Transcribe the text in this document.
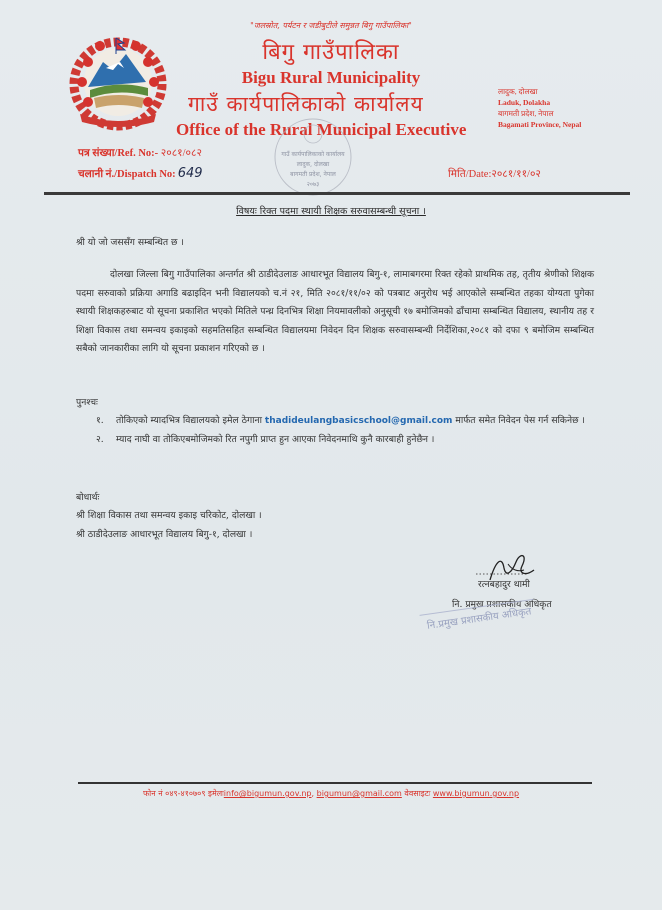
"जलस्रोत, पर्यटन र जडीबुटीले समुन्नत बिगु गाउँपालिका"
बिगु गाउँपालिका
Bigu Rural Municipality
गाउँ कार्यपालिकाको कार्यालय
Office of the Rural Municipal Executive
लादुक, दोलखा
Laduk, Dolakha
बागमती प्रदेश, नेपाल
Bagamati Province, Nepal
गाउँ कार्यपालिकाको कार्यालय
लादुक, दोलखा
बागमती प्रदेश, नेपाल
२०७३
पत्र संख्या/Ref. No:- २०८१/०८२
चलानी नं./Dispatch No: 649	मिति/Date:२०८१/११/०२
विषयः रिक्त पदमा स्थायी शिक्षक सरुवासम्बन्धी सूचना ।
श्री यो जो जससँग सम्बन्धित छ ।
दोलखा जिल्ला बिगु गाउँपालिका अन्तर्गत श्री ठाडीदेउलाङ आधारभूत विद्यालय बिगु-१, लामाबगरमा रिक्त रहेको प्राथमिक तह, तृतीय श्रेणीको शिक्षक पदमा सरुवाको प्रक्रिया अगाडि बढाइदिन भनी विद्यालयको च.नं २१, मिति २०८१/११/०२ को पत्रबाट अनुरोध भई आएकोले सम्बन्धित तहका योग्यता पुगेका स्थायी शिक्षकहरुबाट यो सूचना प्रकाशित भएको मितिले पन्ध्र दिनभित्र शिक्षा नियमावलीको अनुसूची १७ बमोजिमको ढाँचामा सम्बन्धित विद्यालय, स्थानीय तह र शिक्षा विकास तथा समन्वय इकाइको सहमतिसहित सम्बन्धित विद्यालयमा निवेदन दिन शिक्षक सरुवासम्बन्धी निर्देशिका,२०८१ को दफा ९ बमोजिम सम्बन्धित सबैको जानकारीका लागि यो सूचना प्रकाशन गरिएको छ ।
पुनश्चः
१.	तोकिएको म्यादभित्र विद्यालयको इमेल ठेगाना thadideulangbasicschool@gmail.com मार्फत समेत निवेदन पेस गर्न सकिनेछ ।
२.	म्याद नाघी वा तोकिएबमोजिमको रित नपुगी प्राप्त हुन आएका निवेदनमाथि कुनै कारबाही हुनेछैन ।
बोधार्थः
श्री शिक्षा विकास तथा समन्वय इकाइ चरिकोट, दोलखा ।
श्री ठाडीदेउलाङ आधारभूत विद्यालय बिगु-१, दोलखा ।
रत्नबहादुर थामी
नि. प्रमुख प्रशासकीय अधिकृत
नि.प्रमुख प्रशासकीय अधिकृत
फोन नं ०४९-४१०७०९ इमेलःinfo@bigumun.gov.np, bigumun@gmail.com वेवसाइटः www.bigumun.gov.np
